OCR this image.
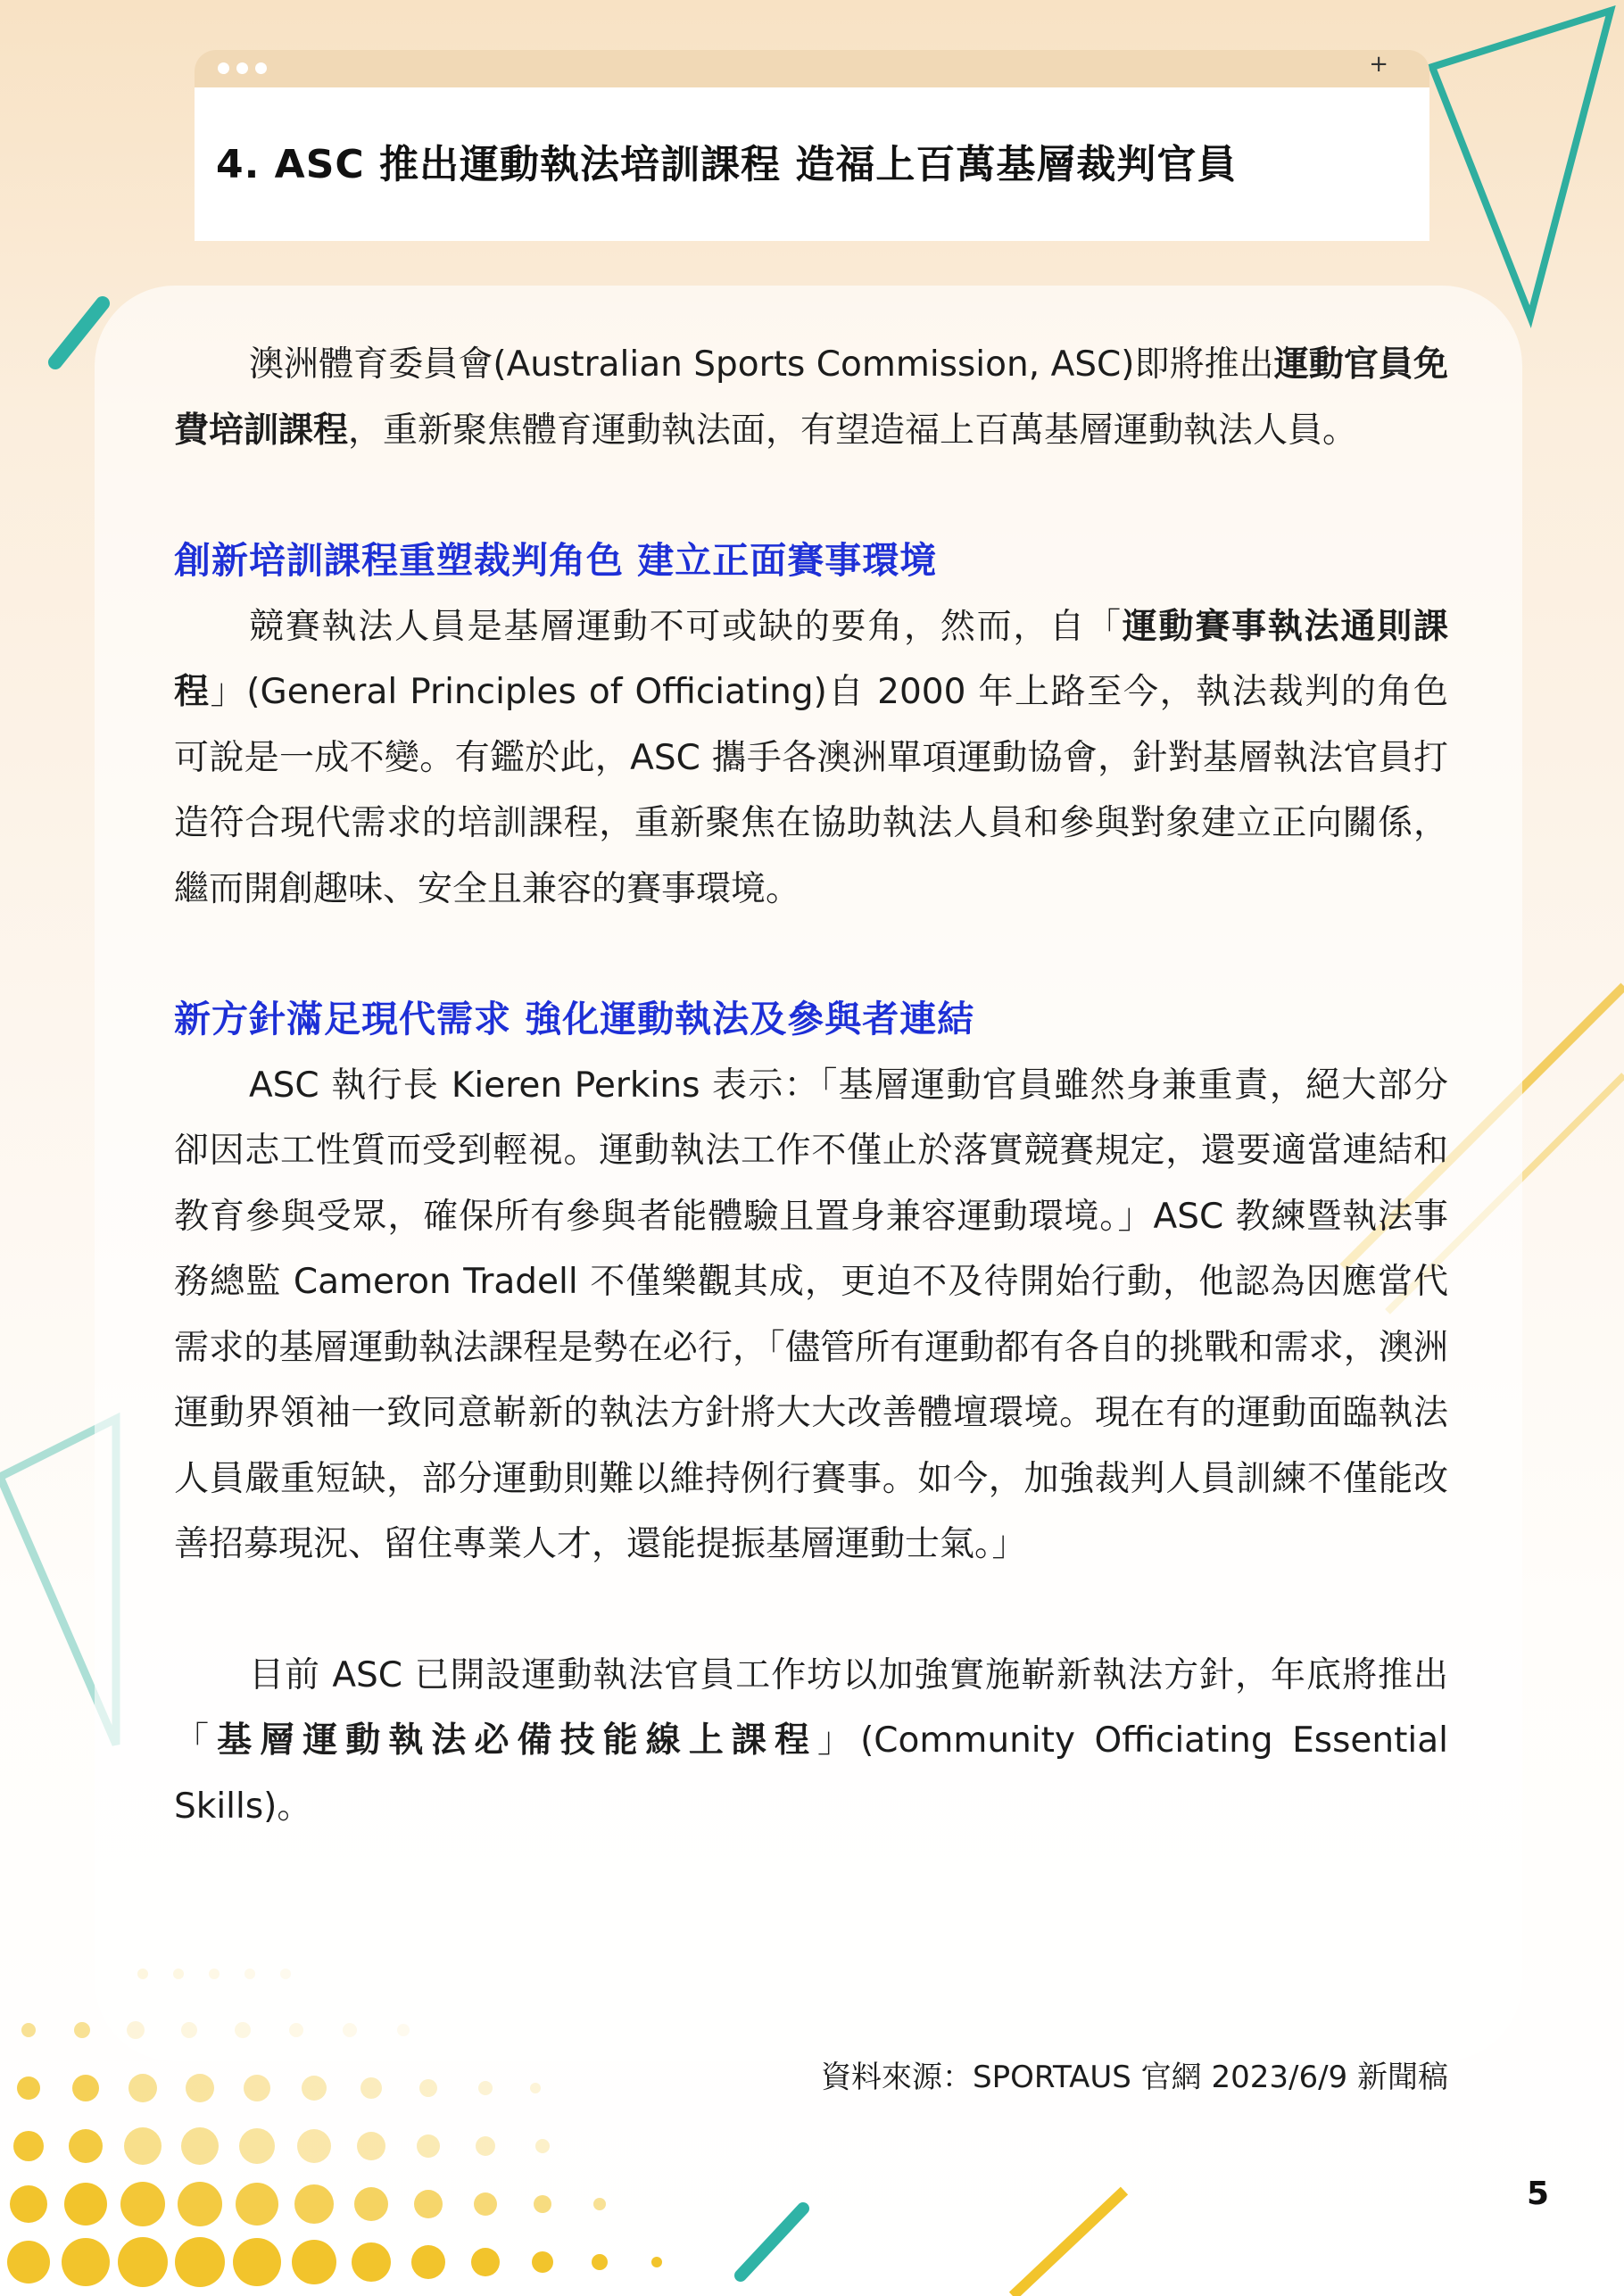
+
4. ASC 推出運動執法培訓課程 造福上百萬基層裁判官員

澳洲體育委員會(Australian Sports Commission, ASC)即將推出運動官員免費培訓課程，重新聚焦體育運動執法面，有望造福上百萬基層運動執法人員。

創新培訓課程重塑裁判角色 建立正面賽事環境

競賽執法人員是基層運動不可或缺的要角，然而，自「運動賽事執法通則課程」(General Principles of Officiating)自 2000 年上路至今，執法裁判的角色可說是一成不變。有鑑於此，ASC 攜手各澳洲單項運動協會，針對基層執法官員打造符合現代需求的培訓課程，重新聚焦在協助執法人員和參與對象建立正向關係，繼而開創趣味、安全且兼容的賽事環境。

新方針滿足現代需求 強化運動執法及參與者連結

ASC 執行長 Kieren Perkins 表示：「基層運動官員雖然身兼重責，絕大部分卻因志工性質而受到輕視。運動執法工作不僅止於落實競賽規定，還要適當連結和教育參與受眾，確保所有參與者能體驗且置身兼容運動環境。」ASC 教練暨執法事務總監 Cameron Tradell 不僅樂觀其成，更迫不及待開始行動，他認為因應當代需求的基層運動執法課程是勢在必行，「儘管所有運動都有各自的挑戰和需求，澳洲運動界領袖一致同意嶄新的執法方針將大大改善體壇環境。現在有的運動面臨執法人員嚴重短缺，部分運動則難以維持例行賽事。如今，加強裁判人員訓練不僅能改善招募現況、留住專業人才，還能提振基層運動士氣。」

目前 ASC 已開設運動執法官員工作坊以加強實施嶄新執法方針，年底將推出「基層運動執法必備技能線上課程」(Community Officiating Essential Skills)。

資料來源：SPORTAUS 官網 2023/6/9 新聞稿
5
